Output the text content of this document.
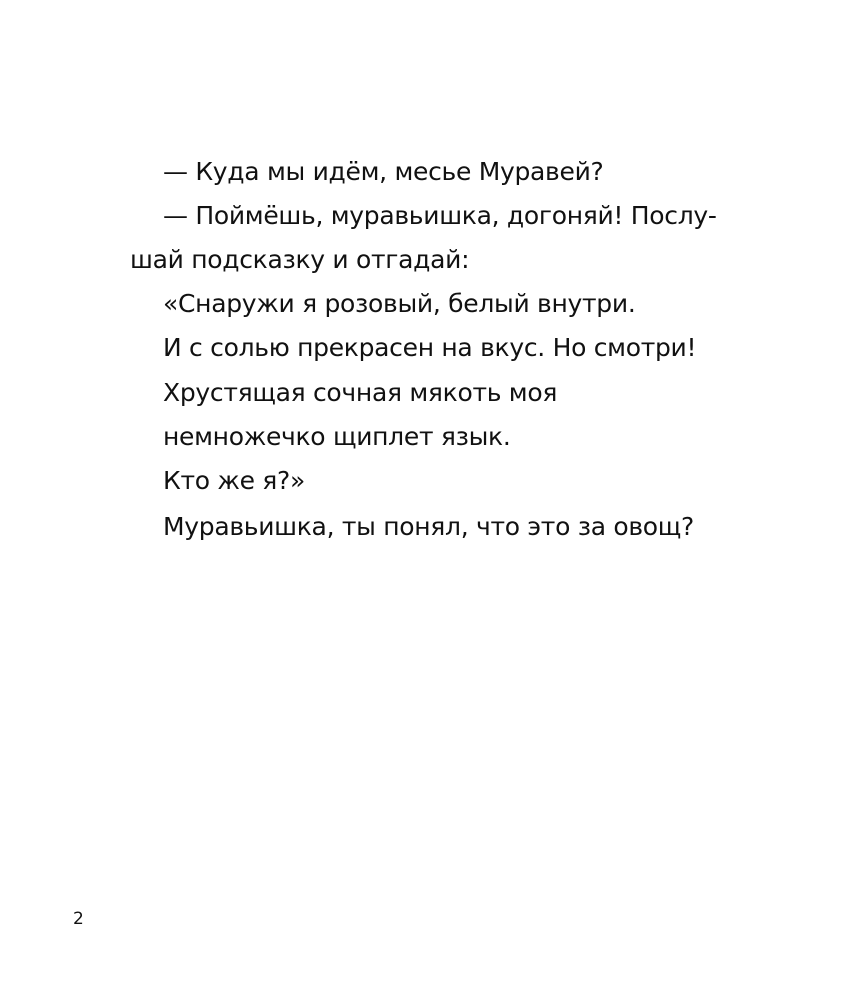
— Куда мы идём, месье Муравей?
— Поймёшь, муравьишка, догоняй! Послу-
шай подсказку и отгадай:
«Снаружи я розовый, белый внутри.
И с солью прекрасен на вкус. Но смотри!
Хрустящая сочная мякоть моя
немножечко щиплет язык.
Кто же я?»
Муравьишка, ты понял, что это за овощ?
2
